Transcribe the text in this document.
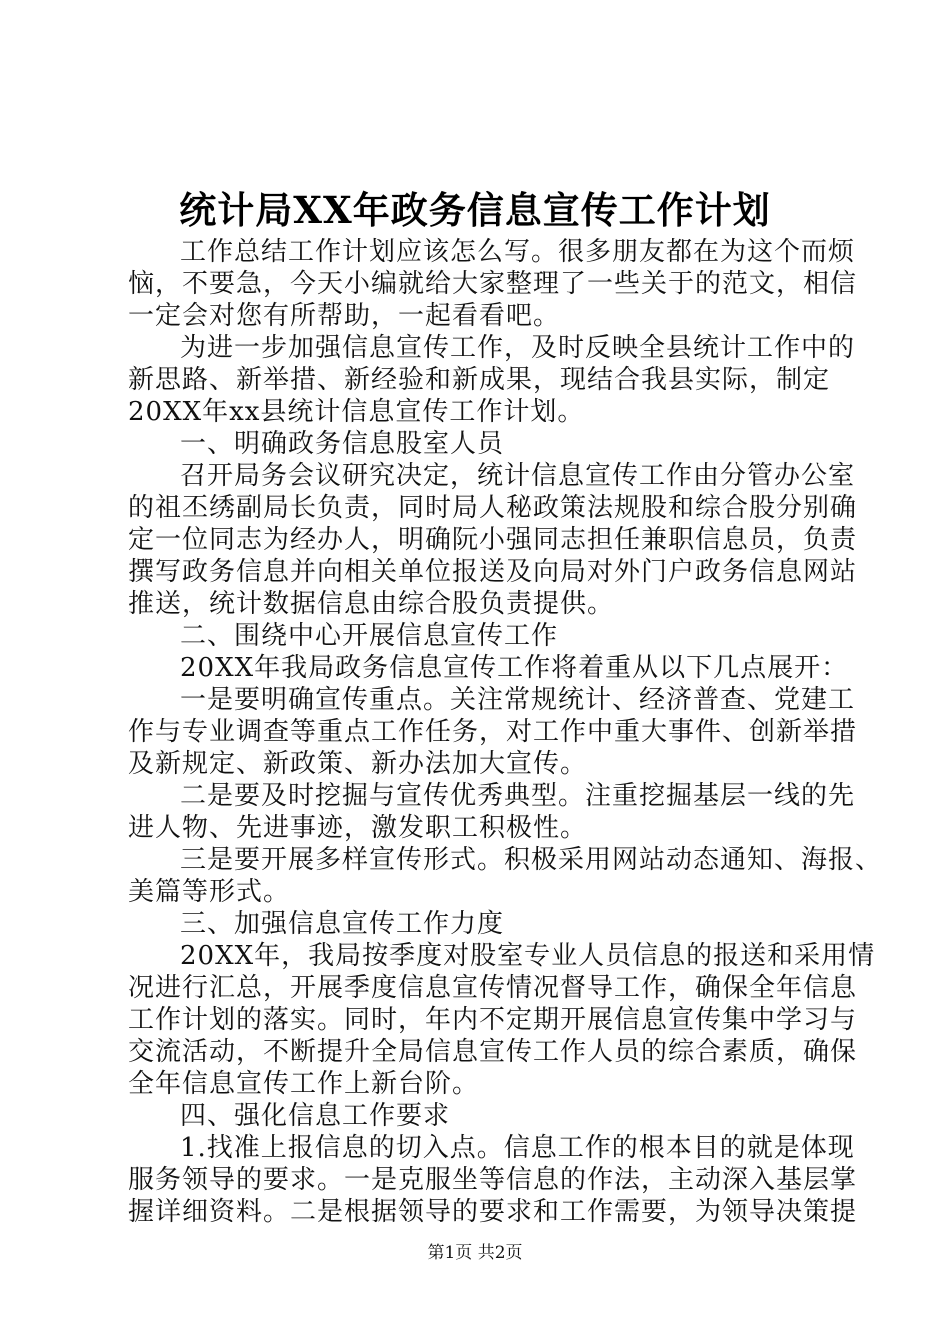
统计局XX年政务信息宣传工作计划
工作总结工作计划应该怎么写。很多朋友都在为这个而烦
恼，不要急，今天小编就给大家整理了一些关于的范文，相信
一定会对您有所帮助，一起看看吧。
为进一步加强信息宣传工作，及时反映全县统计工作中的
新思路、新举措、新经验和新成果，现结合我县实际，制定
20XX年xx县统计信息宣传工作计划。
一、明确政务信息股室人员
召开局务会议研究决定，统计信息宣传工作由分管办公室
的祖丕绣副局长负责，同时局人秘政策法规股和综合股分别确
定一位同志为经办人，明确阮小强同志担任兼职信息员，负责
撰写政务信息并向相关单位报送及向局对外门户政务信息网站
推送，统计数据信息由综合股负责提供。
二、围绕中心开展信息宣传工作
20XX年我局政务信息宣传工作将着重从以下几点展开：
一是要明确宣传重点。关注常规统计、经济普查、党建工
作与专业调查等重点工作任务，对工作中重大事件、创新举措
及新规定、新政策、新办法加大宣传。
二是要及时挖掘与宣传优秀典型。注重挖掘基层一线的先
进人物、先进事迹，激发职工积极性。
三是要开展多样宣传形式。积极采用网站动态通知、海报、
美篇等形式。
三、加强信息宣传工作力度
20XX年，我局按季度对股室专业人员信息的报送和采用情
况进行汇总，开展季度信息宣传情况督导工作，确保全年信息
工作计划的落实。同时，年内不定期开展信息宣传集中学习与
交流活动，不断提升全局信息宣传工作人员的综合素质，确保
全年信息宣传工作上新台阶。
四、强化信息工作要求
1.找准上报信息的切入点。信息工作的根本目的就是体现
服务领导的要求。一是克服坐等信息的作法，主动深入基层掌
握详细资料。二是根据领导的要求和工作需要，为领导决策提
第1页 共2页
